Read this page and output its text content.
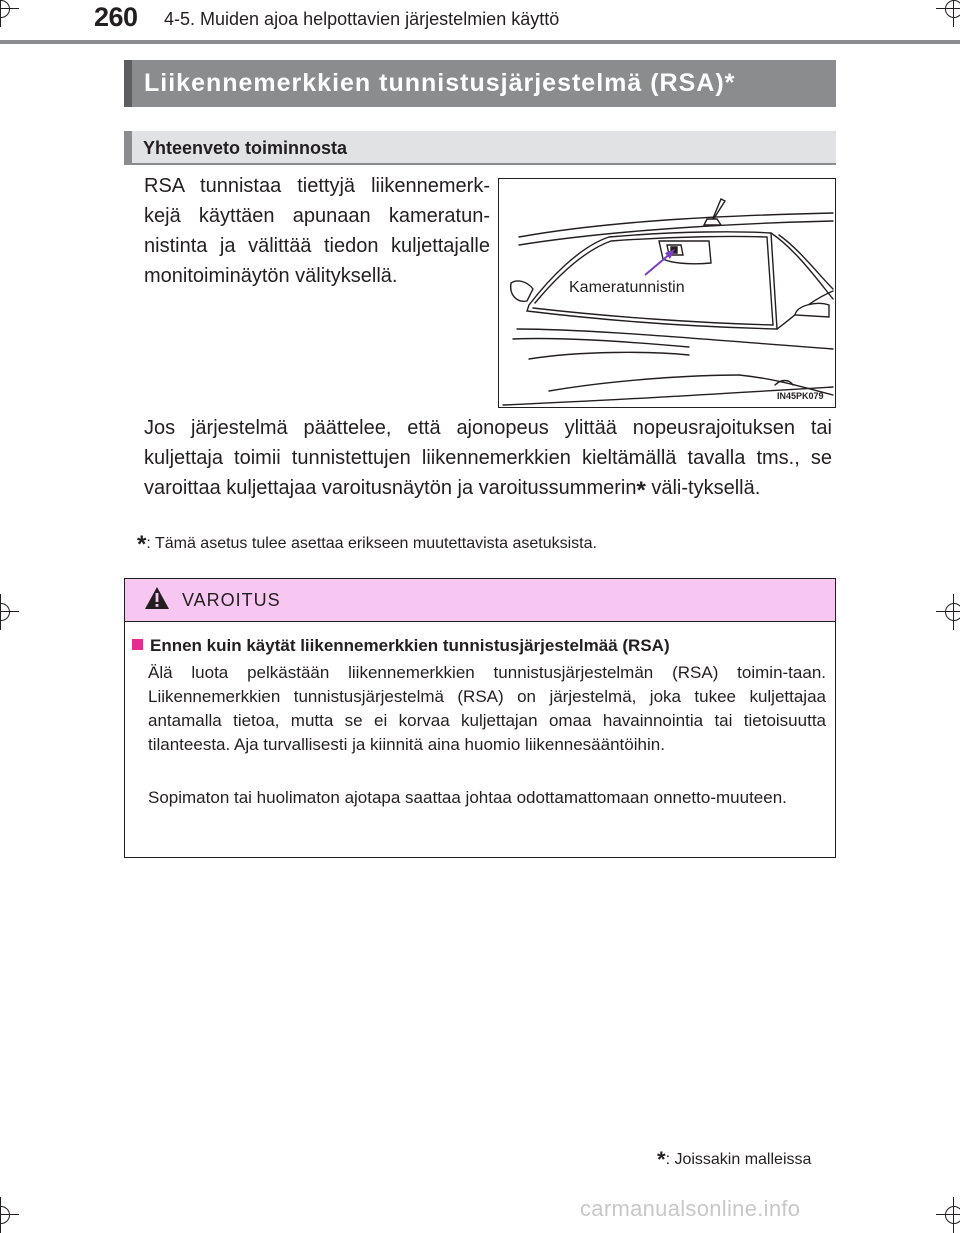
260 4-5. Muiden ajoa helpottavien järjestelmien käyttö
Liikennemerkkien tunnistusjärjestelmä (RSA)*
Yhteenveto toiminnosta
RSA tunnistaa tiettyjä liikennemerk-kejä käyttäen apunaan kameratun-nistinta ja välittää tiedon kuljettajalle monitoiminäytön välityksellä.
Kameratunnistin
IN45PK079
Jos järjestelmä päättelee, että ajonopeus ylittää nopeusrajoituksen tai kuljettaja toimii tunnistettujen liikennemerkkien kieltämällä tavalla tms., se varoittaa kuljettajaa varoitusnäytön ja varoitussummerin* väli-tyksellä.
*: Tämä asetus tulee asettaa erikseen muutettavista asetuksista.
VAROITUS
Ennen kuin käytät liikennemerkkien tunnistusjärjestelmää (RSA)
Älä luota pelkästään liikennemerkkien tunnistusjärjestelmän (RSA) toimin-taan. Liikennemerkkien tunnistusjärjestelmä (RSA) on järjestelmä, joka tukee kuljettajaa antamalla tietoa, mutta se ei korvaa kuljettajan omaa havainnointia tai tietoisuutta tilanteesta. Aja turvallisesti ja kiinnitä aina huomio liikennesääntöihin.
Sopimaton tai huolimaton ajotapa saattaa johtaa odottamattomaan onnetto-muuteen.
*: Joissakin malleissa
carmanualsonline.info
